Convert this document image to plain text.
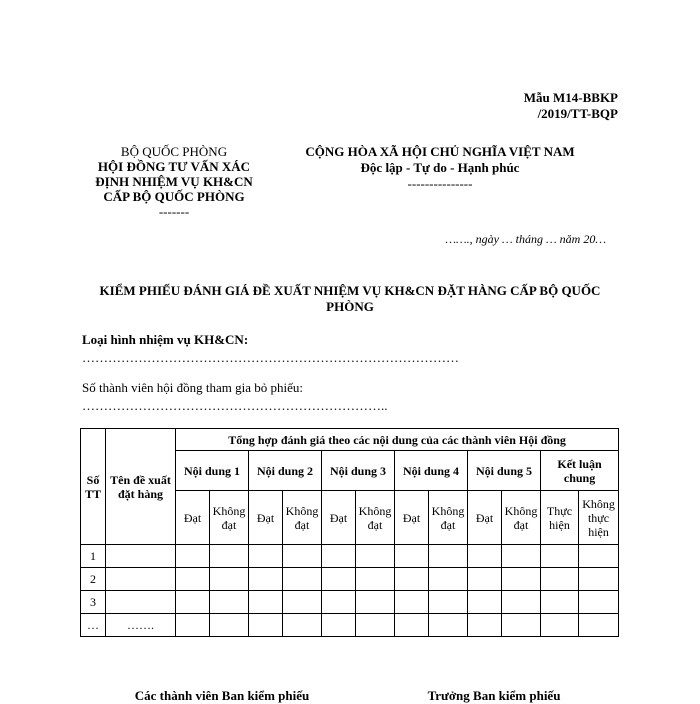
Mẫu M14-BBKP
/2019/TT-BQP
BỘ QUỐC PHÒNG
HỘI ĐỒNG TƯ VẤN XÁC
ĐỊNH NHIỆM VỤ KH&CN
CẤP BỘ QUỐC PHÒNG
-------
CỘNG HÒA XÃ HỘI CHỦ NGHĨA VIỆT NAM
Độc lập - Tự do - Hạnh phúc
---------------
……., ngày … tháng … năm 20…
KIỂM PHIẾU ĐÁNH GIÁ ĐỀ XUẤT NHIỆM VỤ KH&CN ĐẶT HÀNG CẤP BỘ QUỐC
PHÒNG
Loại hình nhiệm vụ KH&CN:
……………………………………………………………………………
Số thành viên hội đồng tham gia bỏ phiếu:
……………………………………………………………..
Số TT	Tên đề xuất đặt hàng	Tổng hợp đánh giá theo các nội dung của các thành viên Hội đồng											
		Nội dung 1		Nội dung 2		Nội dung 3		Nội dung 4		Nội dung 5		Kết luận chung	
		Đạt	Không đạt	Đạt	Không đạt	Đạt	Không đạt	Đạt	Không đạt	Đạt	Không đạt	Thực hiện	Không thực hiện
1													
2													
3													
…	…….												
Các thành viên Ban kiểm phiếu	Trưởng Ban kiểm phiếu
